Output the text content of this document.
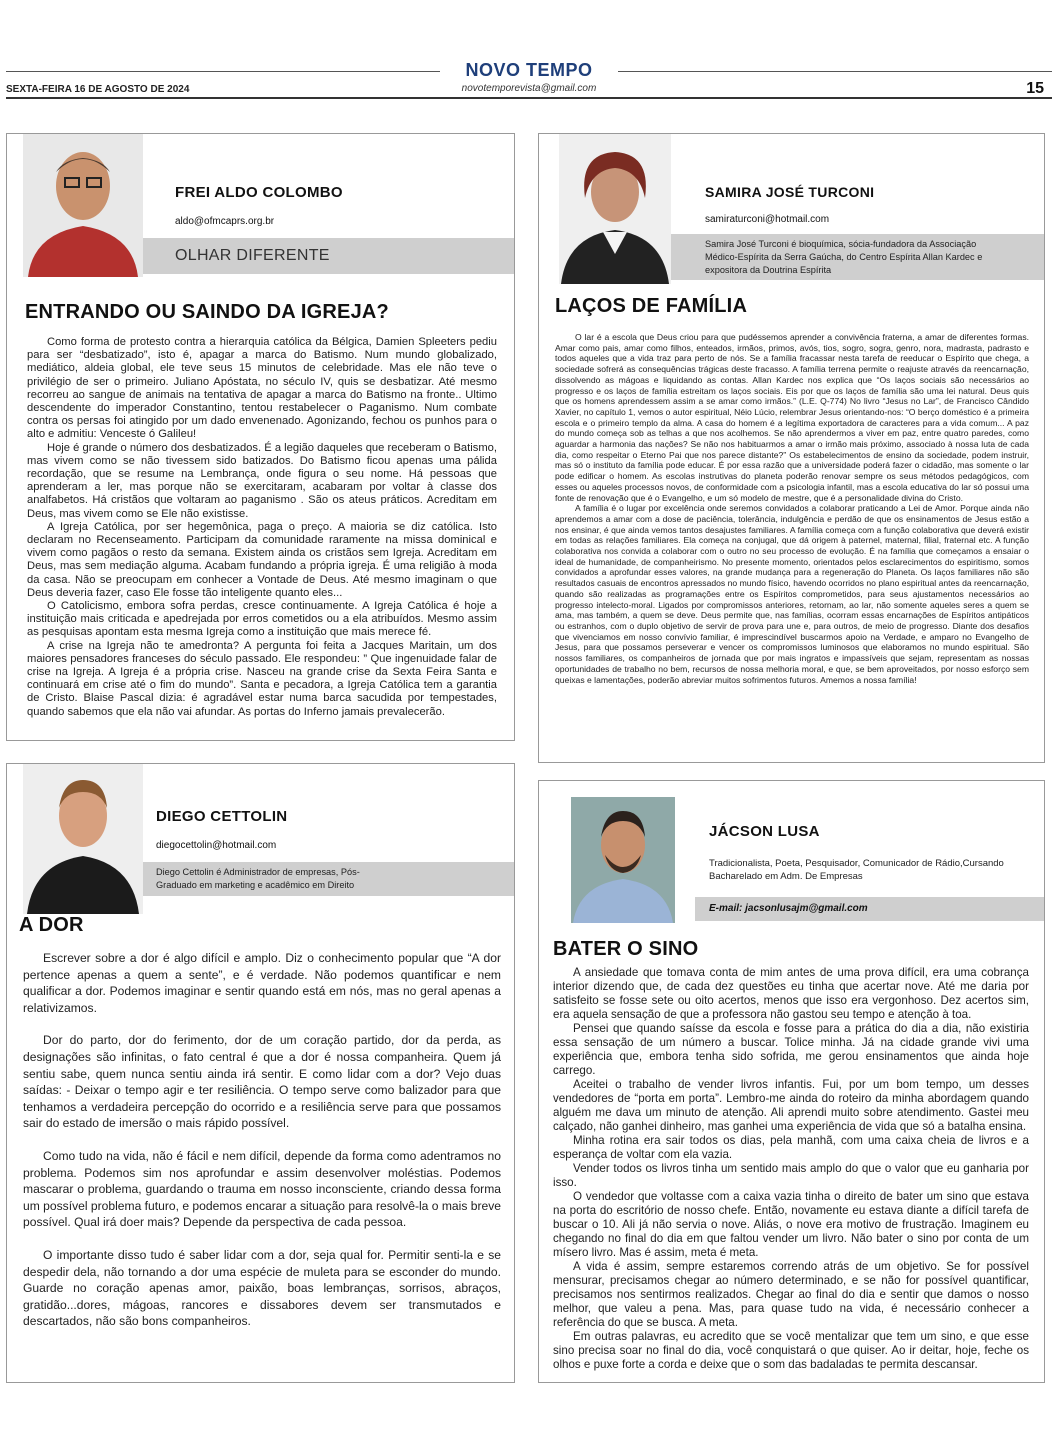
NOVO TEMPO
SEXTA-FEIRA 16 DE AGOSTO DE 2024	novotemporevista@gmail.com	15
FREI ALDO COLOMBO
aldo@ofmcaprs.org.br
OLHAR DIFERENTE
ENTRANDO OU SAINDO DA IGREJA?

Como forma de protesto contra a hierarquia católica da Bélgica, Damien Spleeters pediu para ser “desbatizado”, isto é, apagar a marca do Batismo. Num mundo globalizado, mediático, aldeia global, ele teve seus 15 minutos de celebridade. Mas ele não teve o privilégio de ser o primeiro. Juliano Apóstata, no século IV, quis se desbatizar. Até mesmo recorreu ao sangue de animais na tentativa de apagar a marca do Batismo na fronte.. Ultimo descendente do imperador Constantino, tentou restabelecer o Paganismo. Num combate contra os persas foi atingido por um dado envenenado. Agonizando, fechou os punhos para o alto e admitiu: Venceste ó Galileu!

Hoje é grande o número dos desbatizados. É a legião daqueles que receberam o Batismo, mas vivem como se não tivessem sido batizados. Do Batismo ficou apenas uma pálida recordação, que se resume na Lembrança, onde figura o seu nome. Há pessoas que aprenderam a ler, mas porque não se exercitaram, acabaram por voltar à classe dos analfabetos. Há cristãos que voltaram ao paganismo . São os ateus práticos. Acreditam em Deus, mas vivem como se Ele não existisse.

A Igreja Católica, por ser hegemônica, paga o preço. A maioria se diz católica. Isto declaram no Recenseamento. Participam da comunidade raramente na missa dominical e vivem como pagãos o resto da semana. Existem ainda os cristãos sem Igreja. Acreditam em Deus, mas sem mediação alguma. Acabam fundando a própria igreja. É uma religião à moda da casa. Não se preocupam em conhecer a Vontade de Deus. Até mesmo imaginam o que Deus deveria fazer, caso Ele fosse tão inteligente quanto eles...

O Catolicismo, embora sofra perdas, cresce continuamente. A Igreja Católica é hoje a instituição mais criticada e apedrejada por erros cometidos ou a ela atribuídos. Mesmo assim as pesquisas apontam esta mesma Igreja como a instituição que mais merece fé.

A crise na Igreja não te amedronta? A pergunta foi feita a Jacques Maritain, um dos maiores pensadores franceses do século passado. Ele respondeu: ” Que ingenuidade falar de crise na Igreja. A Igreja é a própria crise. Nasceu na grande crise da Sexta Feira Santa e continuará em crise até o fim do mundo”. Santa e pecadora, a Igreja Católica tem a garantia de Cristo. Blaise Pascal dizia: é agradável estar numa barca sacudida por tempestades, quando sabemos que ela não vai afundar. As portas do Inferno jamais prevalecerão.

SAMIRA JOSÉ TURCONI
samiraturconi@hotmail.com
Samira José Turconi é bioquímica, sócia-fundadora da Associação Médico-Espírita da Serra Gaúcha, do Centro Espírita Allan Kardec e expositora da Doutrina Espírita
LAÇOS DE FAMÍLIA

O lar é a escola que Deus criou para que pudéssemos aprender a convivência fraterna, a amar de diferentes formas. Amar como pais, amar como filhos, enteados, irmãos, primos, avós, tios, sogro, sogra, genro, nora, madrasta, padrasto e todos aqueles que a vida traz para perto de nós. Se a família fracassar nesta tarefa de reeducar o Espírito que chega, a sociedade sofrerá as consequências trágicas deste fracasso. A família terrena permite o reajuste através da reencarnação, dissolvendo as mágoas e liquidando as contas. Allan Kardec nos explica que “Os laços sociais são necessários ao progresso e os laços de família estreitam os laços sociais. Eis por que os laços de família são uma lei natural. Deus quis que os homens aprendessem assim a se amar como irmãos.” (L.E. Q-774) No livro “Jesus no Lar”, de Francisco Cândido Xavier, no capítulo 1, vemos o autor espiritual, Néio Lúcio, relembrar Jesus orientando-nos: “O berço doméstico é a primeira escola e o primeiro templo da alma. A casa do homem é a legítima exportadora de caracteres para a vida comum... A paz do mundo começa sob as telhas a que nos acolhemos. Se não aprendermos a viver em paz, entre quatro paredes, como aguardar a harmonia das nações? Se não nos habituarmos a amar o irmão mais próximo, associado à nossa luta de cada dia, como respeitar o Eterno Pai que nos parece distante?” Os estabelecimentos de ensino da sociedade, podem instruir, mas só o instituto da família pode educar. É por essa razão que a universidade poderá fazer o cidadão, mas somente o lar pode edificar o homem. As escolas instrutivas do planeta poderão renovar sempre os seus métodos pedagógicos, com esses ou aqueles processos novos, de conformidade com a psicologia infantil, mas a escola educativa do lar só possui uma fonte de renovação que é o Evangelho, e um só modelo de mestre, que é a personalidade divina do Cristo.

A família é o lugar por excelência onde seremos convidados a colaborar praticando a Lei de Amor. Porque ainda não aprendemos a amar com a dose de paciência, tolerância, indulgência e perdão de que os ensinamentos de Jesus estão a nos ensinar, é que ainda vemos tantos desajustes familiares. A família começa com a função colaborativa que deverá existir em todas as relações familiares. Ela começa na conjugal, que dá origem à paternel, maternal, filial, fraternal etc. A função colaborativa nos convida a colaborar com o outro no seu processo de evolução. É na família que começamos a ensaiar o ideal de humanidade, de companheirismo. No presente momento, orientados pelos esclarecimentos do espiritismo, somos convidados a aprofundar esses valores, na grande mudança para a regeneração do Planeta. Os laços familiares não são resultados casuais de encontros apressados no mundo físico, havendo ocorridos no plano espiritual antes da reencarnação, quando são realizadas as programações entre os Espíritos comprometidos, para seus ajustamentos necessários ao progresso intelecto-moral. Ligados por compromissos anteriores, retornam, ao lar, não somente aqueles seres a quem se ama, mas também, a quem se deve. Deus permite que, nas famílias, ocorram essas encarnações de Espíritos antipáticos ou estranhos, com o duplo objetivo de servir de prova para une e, para outros, de meio de progresso. Diante dos desafios que vivenciamos em nosso convívio familiar, é imprescindível buscarmos apoio na Verdade, e amparo no Evangelho de Jesus, para que possamos perseverar e vencer os compromissos luminosos que elaboramos no mundo espiritual. São nossos familiares, os companheiros de jornada que por mais ingratos e impassíveis que sejam, representam as nossas oportunidades de trabalho no bem, recursos de nossa melhoria moral, e que, se bem aproveitados, por nosso esforço sem queixas e lamentações, poderão abreviar muitos sofrimentos futuros. Amemos a nossa família!

DIEGO CETTOLIN
diegocettolin@hotmail.com
Diego Cettolin é Administrador de empresas, Pós-Graduado em marketing e acadêmico em Direito
A DOR

Escrever sobre a dor é algo difícil e amplo. Diz o conhecimento popular que “A dor pertence apenas a quem a sente”, e é verdade. Não podemos quantificar e nem qualificar a dor. Podemos imaginar e sentir quando está em nós, mas no geral apenas a relativizamos.

Dor do parto, dor do ferimento, dor de um coração partido, dor da perda, as designações são infinitas, o fato central é que a dor é nossa companheira. Quem já sentiu sabe, quem nunca sentiu ainda irá sentir. E como lidar com a dor? Vejo duas saídas: - Deixar o tempo agir e ter resiliência. O tempo serve como balizador para que tenhamos a verdadeira percepção do ocorrido e a resiliência serve para que possamos sair do estado de imersão o mais rápido possível.

Como tudo na vida, não é fácil e nem difícil, depende da forma como adentramos no problema. Podemos sim nos aprofundar e assim desenvolver moléstias. Podemos mascarar o problema, guardando o trauma em nosso inconsciente, criando dessa forma um possível problema futuro, e podemos encarar a situação para resolvê-la o mais breve possível. Qual irá doer mais? Depende da perspectiva de cada pessoa.

O importante disso tudo é saber lidar com a dor, seja qual for. Permitir senti-la e se despedir dela, não tornando a dor uma espécie de muleta para se esconder do mundo. Guarde no coração apenas amor, paixão, boas lembranças, sorrisos, abraços, gratidão...dores, mágoas, rancores e dissabores devem ser transmutados e descartados, não são bons companheiros.

JÁCSON LUSA
Tradicionalista, Poeta, Pesquisador, Comunicador de Rádio,Cursando Bacharelado em Adm. De Empresas
E-mail: jacsonlusajm@gmail.com
BATER O SINO

A ansiedade que tomava conta de mim antes de uma prova difícil, era uma cobrança interior dizendo que, de cada dez questões eu tinha que acertar nove. Até me daria por satisfeito se fosse sete ou oito acertos, menos que isso era vergonhoso. Dez acertos sim, era aquela sensação de que a professora não gastou seu tempo e atenção à toa.

Pensei que quando saísse da escola e fosse para a prática do dia a dia, não existiria essa sensação de um número a buscar. Tolice minha. Já na cidade grande vivi uma experiência que, embora tenha sido sofrida, me gerou ensinamentos que ainda hoje carrego.

Aceitei o trabalho de vender livros infantis. Fui, por um bom tempo, um desses vendedores de “porta em porta”. Lembro-me ainda do roteiro da minha abordagem quando alguém me dava um minuto de atenção. Ali aprendi muito sobre atendimento. Gastei meu calçado, não ganhei dinheiro, mas ganhei uma experiência de vida que só a batalha ensina.

Minha rotina era sair todos os dias, pela manhã, com uma caixa cheia de livros e a esperança de voltar com ela vazia.

Vender todos os livros tinha um sentido mais amplo do que o valor que eu ganharia por isso.

O vendedor que voltasse com a caixa vazia tinha o direito de bater um sino que estava na porta do escritório de nosso chefe. Então, novamente eu estava diante a difícil tarefa de buscar o 10. Ali já não servia o nove. Aliás, o nove era motivo de frustração. Imaginem eu chegando no final do dia em que faltou vender um livro. Não bater o sino por conta de um mísero livro. Mas é assim, meta é meta.

A vida é assim, sempre estaremos correndo atrás de um objetivo. Se for possível mensurar, precisamos chegar ao número determinado, e se não for possível quantificar, precisamos nos sentirmos realizados. Chegar ao final do dia e sentir que damos o nosso melhor, que valeu a pena. Mas, para quase tudo na vida, é necessário conhecer a referência do que se busca. A meta.

Em outras palavras, eu acredito que se você mentalizar que tem um sino, e que esse sino precisa soar no final do dia, você conquistará o que quiser. Ao ir deitar, hoje, feche os olhos e puxe forte a corda e deixe que o som das badaladas te permita descansar.
